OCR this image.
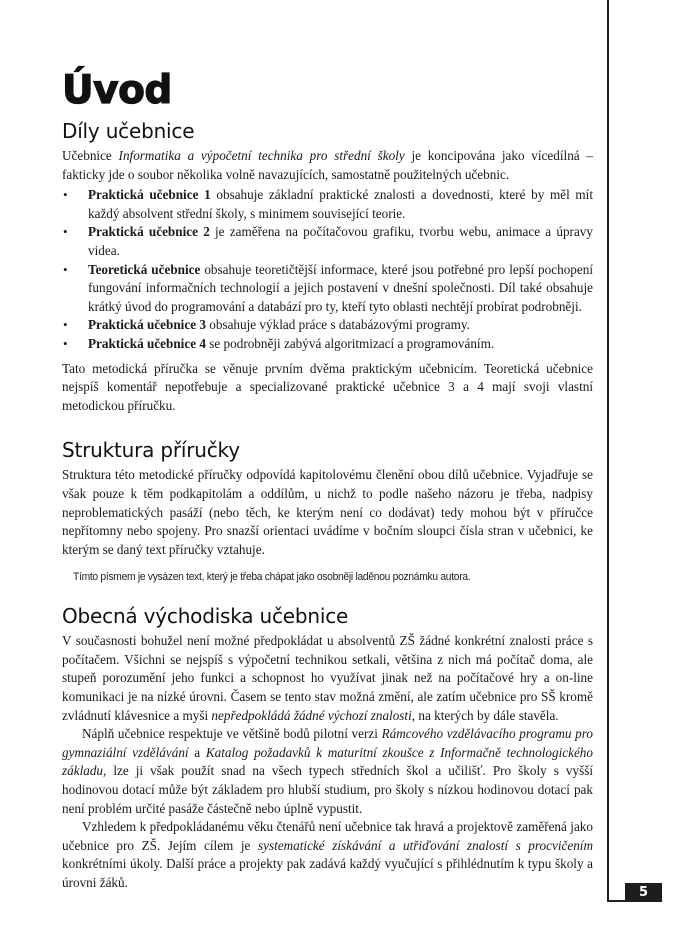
5
Úvod
Díly učebnice

Učebnice Informatika a výpočetní technika pro střední školy je koncipována jako vícedílná – fakticky jde o soubor několika volně navazujících, samostatně použitelných učebnic.

• Praktická učebnice 1 obsahuje základní praktické znalosti a dovednosti, které by měl mít každý absolvent střední školy, s minimem související teorie.
• Praktická učebnice 2 je zaměřena na počítačovou grafiku, tvorbu webu, animace a úpravy videa.
• Teoretická učebnice obsahuje teoretičtější informace, které jsou potřebné pro lepší pochopení fungování informačních technologií a jejich postavení v dnešní společnosti. Díl také obsahuje krátký úvod do programování a databází pro ty, kteří tyto oblasti nechtějí probírat podrobněji.
• Praktická učebnice 3 obsahuje výklad práce s databázovými programy.
• Praktická učebnice 4 se podrobněji zabývá algoritmizací a programováním.

Tato metodická příručka se věnuje prvním dvěma praktickým učebnicím. Teoretická učebnice nejspíš komentář nepotřebuje a specializované praktické učebnice 3 a 4 mají svoji vlastní metodickou příručku.

Struktura příručky

Struktura této metodické příručky odpovídá kapitolovému členění obou dílů učebnice. Vyjadřuje se však pouze k těm podkapitolám a oddílům, u nichž to podle našeho názoru je třeba, nadpisy neproblematických pasáží (nebo těch, ke kterým není co dodávat) tedy mohou být v příručce nepřítomny nebo spojeny. Pro snazší orientaci uvádíme v bočním sloupci čísla stran v učebnici, ke kterým se daný text příručky vztahuje.

Tímto písmem je vysázen text, který je třeba chápat jako osobněji laděnou poznámku autora.
Obecná východiska učebnice

V současnosti bohužel není možné předpokládat u absolventů ZŠ žádné konkrétní znalosti práce s počítačem. Všichni se nejspíš s výpočetní technikou setkali, většina z nich má počítač doma, ale stupeň porozumění jeho funkci a schopnost ho využívat jinak než na počítačové hry a on-line komunikaci je na nízké úrovni. Časem se tento stav možná změní, ale zatím učebnice pro SŠ kromě zvládnutí klávesnice a myši nepředpokládá žádné výchozí znalosti, na kterých by dále stavěla.

Náplň učebnice respektuje ve většině bodů pilotní verzi Rámcového vzdělávacího programu pro gymnaziální vzdělávání a Katalog požadavků k maturitní zkoušce z Informačně technologického základu, lze ji však použít snad na všech typech středních škol a učilišť. Pro školy s vyšší hodinovou dotací může být základem pro hlubší studium, pro školy s nízkou hodinovou dotací pak není problém určité pasáže částečně nebo úplně vypustit.

Vzhledem k předpokládanému věku čtenářů není učebnice tak hravá a projektově zaměřená jako učebnice pro ZŠ. Jejím cílem je systematické získávání a utřiďování znalostí s procvičením konkrétními úkoly. Další práce a projekty pak zadává každý vyučující s přihlédnutím k typu školy a úrovni žáků.
